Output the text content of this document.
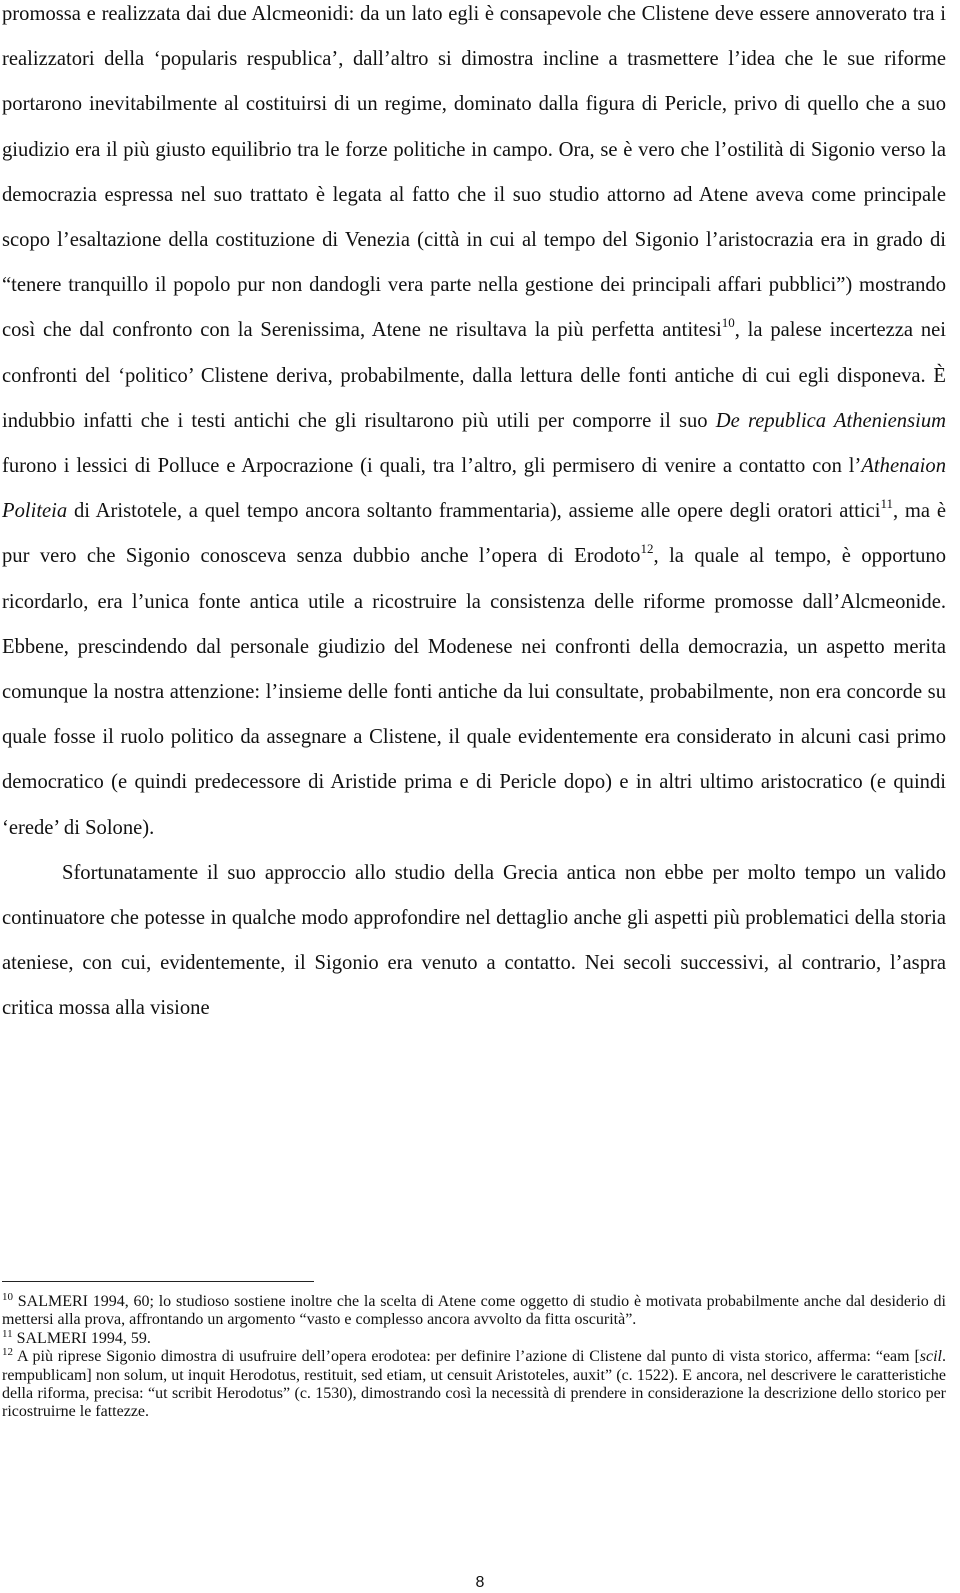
promossa e realizzata dai due Alcmeonidi: da un lato egli è consapevole che Clistene deve essere annoverato tra i realizzatori della ‘popularis respublica’, dall’altro si dimostra incline a trasmettere l’idea che le sue riforme portarono inevitabilmente al costituirsi di un regime, dominato dalla figura di Pericle, privo di quello che a suo giudizio era il più giusto equilibrio tra le forze politiche in campo. Ora, se è vero che l’ostilità di Sigonio verso la democrazia espressa nel suo trattato è legata al fatto che il suo studio attorno ad Atene aveva come principale scopo l’esaltazione della costituzione di Venezia (città in cui al tempo del Sigonio l’aristocrazia era in grado di “tenere tranquillo il popolo pur non dandogli vera parte nella gestione dei principali affari pubblici”) mostrando così che dal confronto con la Serenissima, Atene ne risultava la più perfetta antitesi$^{10}$, la palese incertezza nei confronti del ‘politico’ Clistene deriva, probabilmente, dalla lettura delle fonti antiche di cui egli disponeva. È indubbio infatti che i testi antichi che gli risultarono più utili per comporre il suo De republica Atheniensium furono i lessici di Polluce e Arpocrazione (i quali, tra l’altro, gli permisero di venire a contatto con l’Athenaion Politeia di Aristotele, a quel tempo ancora soltanto frammentaria), assieme alle opere degli oratori attici$^{11}$, ma è pur vero che Sigonio conosceva senza dubbio anche l’opera di Erodoto$^{12}$, la quale al tempo, è opportuno ricordarlo, era l’unica fonte antica utile a ricostruire la consistenza delle riforme promosse dall’Alcmeonide. Ebbene, prescindendo dal personale giudizio del Modenese nei confronti della democrazia, un aspetto merita comunque la nostra attenzione: l’insieme delle fonti antiche da lui consultate, probabilmente, non era concorde su quale fosse il ruolo politico da assegnare a Clistene, il quale evidentemente era considerato in alcuni casi primo democratico (e quindi predecessore di Aristide prima e di Pericle dopo) e in altri ultimo aristocratico (e quindi ‘erede’ di Solone).

Sfortunatamente il suo approccio allo studio della Grecia antica non ebbe per molto tempo un valido continuatore che potesse in qualche modo approfondire nel dettaglio anche gli aspetti più problematici della storia ateniese, con cui, evidentemente, il Sigonio era venuto a contatto. Nei secoli successivi, al contrario, l’aspra critica mossa alla visione

$^{10}$ SALMERI 1994, 60; lo studioso sostiene inoltre che la scelta di Atene come oggetto di studio è motivata probabilmente anche dal desiderio di mettersi alla prova, affrontando un argomento “vasto e complesso ancora avvolto da fitta oscurità”.

$^{11}$ SALMERI 1994, 59.

$^{12}$ A più riprese Sigonio dimostra di usufruire dell’opera erodotea: per definire l’azione di Clistene dal punto di vista storico, afferma: “eam [scil. rempublicam] non solum, ut inquit Herodotus, restituit, sed etiam, ut censuit Aristoteles, auxit” (c. 1522). E ancora, nel descrivere le caratteristiche della riforma, precisa: “ut scribit Herodotus” (c. 1530), dimostrando così la necessità di prendere in considerazione la descrizione dello storico per ricostruirne le fattezze.

8
